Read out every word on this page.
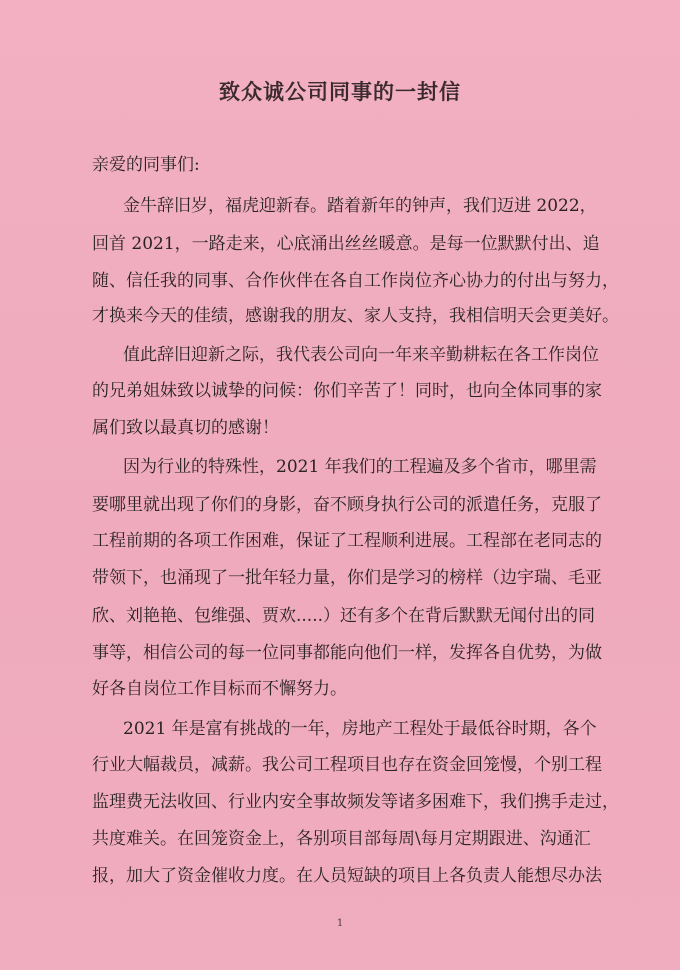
致众诚公司同事的一封信
亲爱的同事们:
金牛辞旧岁，福虎迎新春。踏着新年的钟声，我们迈进 2022，
回首 2021，一路走来，心底涌出丝丝暖意。是每一位默默付出、追
随、信任我的同事、合作伙伴在各自工作岗位齐心协力的付出与努力，
才换来今天的佳绩，感谢我的朋友、家人支持，我相信明天会更美好。
值此辞旧迎新之际，我代表公司向一年来辛勤耕耘在各工作岗位
的兄弟姐妹致以诚挚的问候：你们辛苦了！同时，也向全体同事的家
属们致以最真切的感谢！
因为行业的特殊性，2021 年我们的工程遍及多个省市，哪里需
要哪里就出现了你们的身影，奋不顾身执行公司的派遣任务，克服了
工程前期的各项工作困难，保证了工程顺利进展。工程部在老同志的
带领下，也涌现了一批年轻力量，你们是学习的榜样（边宇瑞、毛亚
欣、刘艳艳、包维强、贾欢.....）还有多个在背后默默无闻付出的同
事等，相信公司的每一位同事都能向他们一样，发挥各自优势，为做
好各自岗位工作目标而不懈努力。
2021 年是富有挑战的一年，房地产工程处于最低谷时期，各个
行业大幅裁员，减薪。我公司工程项目也存在资金回笼慢，个别工程
监理费无法收回、行业内安全事故频发等诸多困难下，我们携手走过，
共度难关。在回笼资金上，各别项目部每周\每月定期跟进、沟通汇
报，加大了资金催收力度。在人员短缺的项目上各负责人能想尽办法
1
